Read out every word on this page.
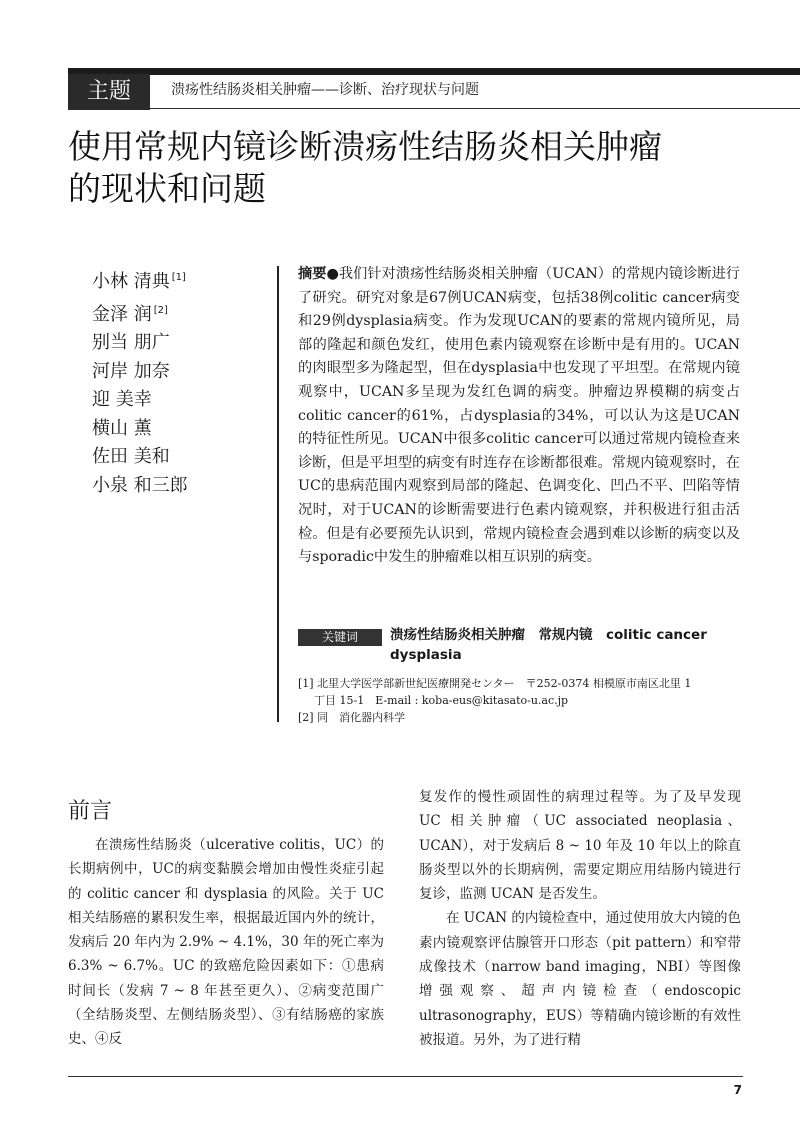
主题	溃疡性结肠炎相关肿瘤——诊断、治疗现状与问题
使用常规内镜诊断溃疡性结肠炎相关肿瘤
的现状和问题
小林 清典 [1]
金泽 润 [2]
别当 朋广
河岸 加奈
迎 美幸
横山 薫
佐田 美和
小泉 和三郎
摘要●我们针对溃疡性结肠炎相关肿瘤（UCAN）的常规内镜诊断进行了研究。研究对象是67例UCAN病变，包括38例colitic cancer病变和29例dysplasia病变。作为发现UCAN的要素的常规内镜所见，局部的隆起和颜色发红，使用色素内镜观察在诊断中是有用的。UCAN的肉眼型多为隆起型，但在dysplasia中也发现了平坦型。在常规内镜观察中，UCAN多呈现为发红色调的病变。肿瘤边界模糊的病变占colitic cancer的61%，占dysplasia的34%，可以认为这是UCAN的特征性所见。UCAN中很多colitic cancer可以通过常规内镜检查来诊断，但是平坦型的病变有时连存在诊断都很难。常规内镜观察时，在UC的患病范围内观察到局部的隆起、色调变化、凹凸不平、凹陷等情况时，对于UCAN的诊断需要进行色素内镜观察，并积极进行狙击活检。但是有必要预先认识到，常规内镜检查会遇到难以诊断的病变以及与sporadic中发生的肿瘤难以相互识别的病变。
关键词	溃疡性结肠炎相关肿瘤　常规内镜　colitic cancer dysplasia
[1] 北里大学医学部新世紀医療開発センター　〒252-0374 相模原市南区北里 1
丁目 15-1　E-mail : koba-eus@kitasato-u.ac.jp
[2] 同　消化器内科学
前言

在溃疡性结肠炎（ulcerative colitis，UC）的长期病例中，UC的病变黏膜会增加由慢性炎症引起的 colitic cancer 和 dysplasia 的风险。关于 UC 相关结肠癌的累积发生率，根据最近国内外的统计，发病后 20 年内为 2.9% ~ 4.1%，30 年的死亡率为 6.3% ~ 6.7%。UC 的致癌危险因素如下：①患病时间长（发病 7 ~ 8 年甚至更久）、②病变范围广（全结肠炎型、左侧结肠炎型）、③有结肠癌的家族史、④反

复发作的慢性顽固性的病理过程等。为了及早发现 UC 相关肿瘤（UC associated neoplasia、UCAN），对于发病后 8 ~ 10 年及 10 年以上的除直肠炎型以外的长期病例，需要定期应用结肠内镜进行复诊，监测 UCAN 是否发生。

在 UCAN 的内镜检查中，通过使用放大内镜的色素内镜观察评估腺管开口形态（pit pattern）和窄带成像技术（narrow band imaging，NBI）等图像增强观察、超声内镜检查（endoscopic ultrasonography，EUS）等精确内镜诊断的有效性被报道。另外，为了进行精

7
